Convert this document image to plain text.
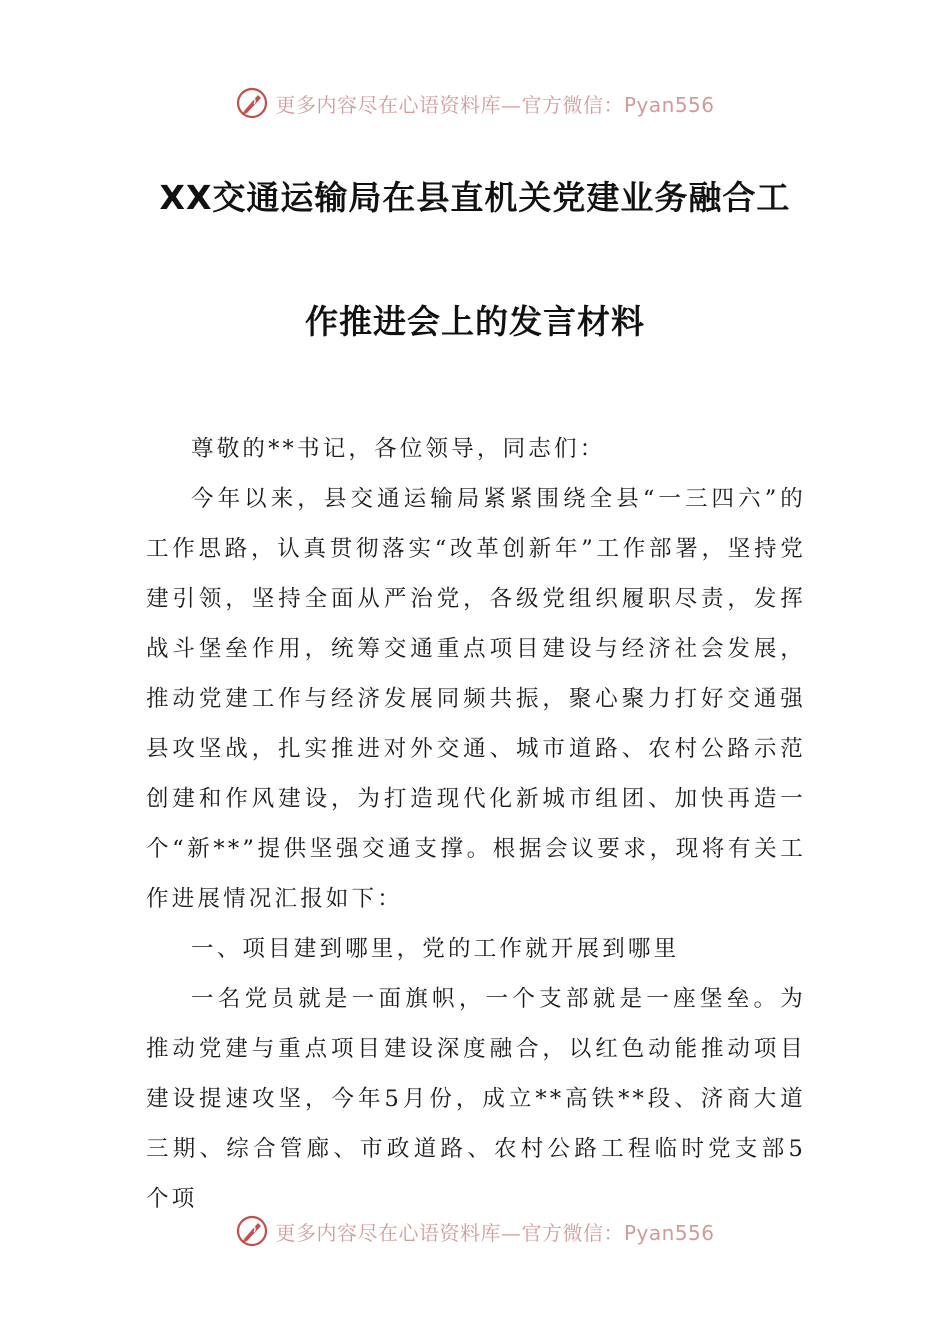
更多内容尽在心语资料库—官方微信：Pyan556
XX交通运输局在县直机关党建业务融合工
作推进会上的发言材料

尊敬的**书记，各位领导，同志们：

今年以来，县交通运输局紧紧围绕全县“一三四六”的工作思路，认真贯彻落实“改革创新年”工作部署，坚持党建引领，坚持全面从严治党，各级党组织履职尽责，发挥战斗堡垒作用，统筹交通重点项目建设与经济社会发展，推动党建工作与经济发展同频共振，聚心聚力打好交通强县攻坚战，扎实推进对外交通、城市道路、农村公路示范创建和作风建设，为打造现代化新城市组团、加快再造一个“新**”提供坚强交通支撑。根据会议要求，现将有关工作进展情况汇报如下：

一、项目建到哪里，党的工作就开展到哪里

一名党员就是一面旗帜，一个支部就是一座堡垒。为推动党建与重点项目建设深度融合，以红色动能推动项目建设提速攻坚，今年5月份，成立**高铁**段、济商大道三期、综合管廊、市政道路、农村公路工程临时党支部5个项

更多内容尽在心语资料库—官方微信：Pyan556
